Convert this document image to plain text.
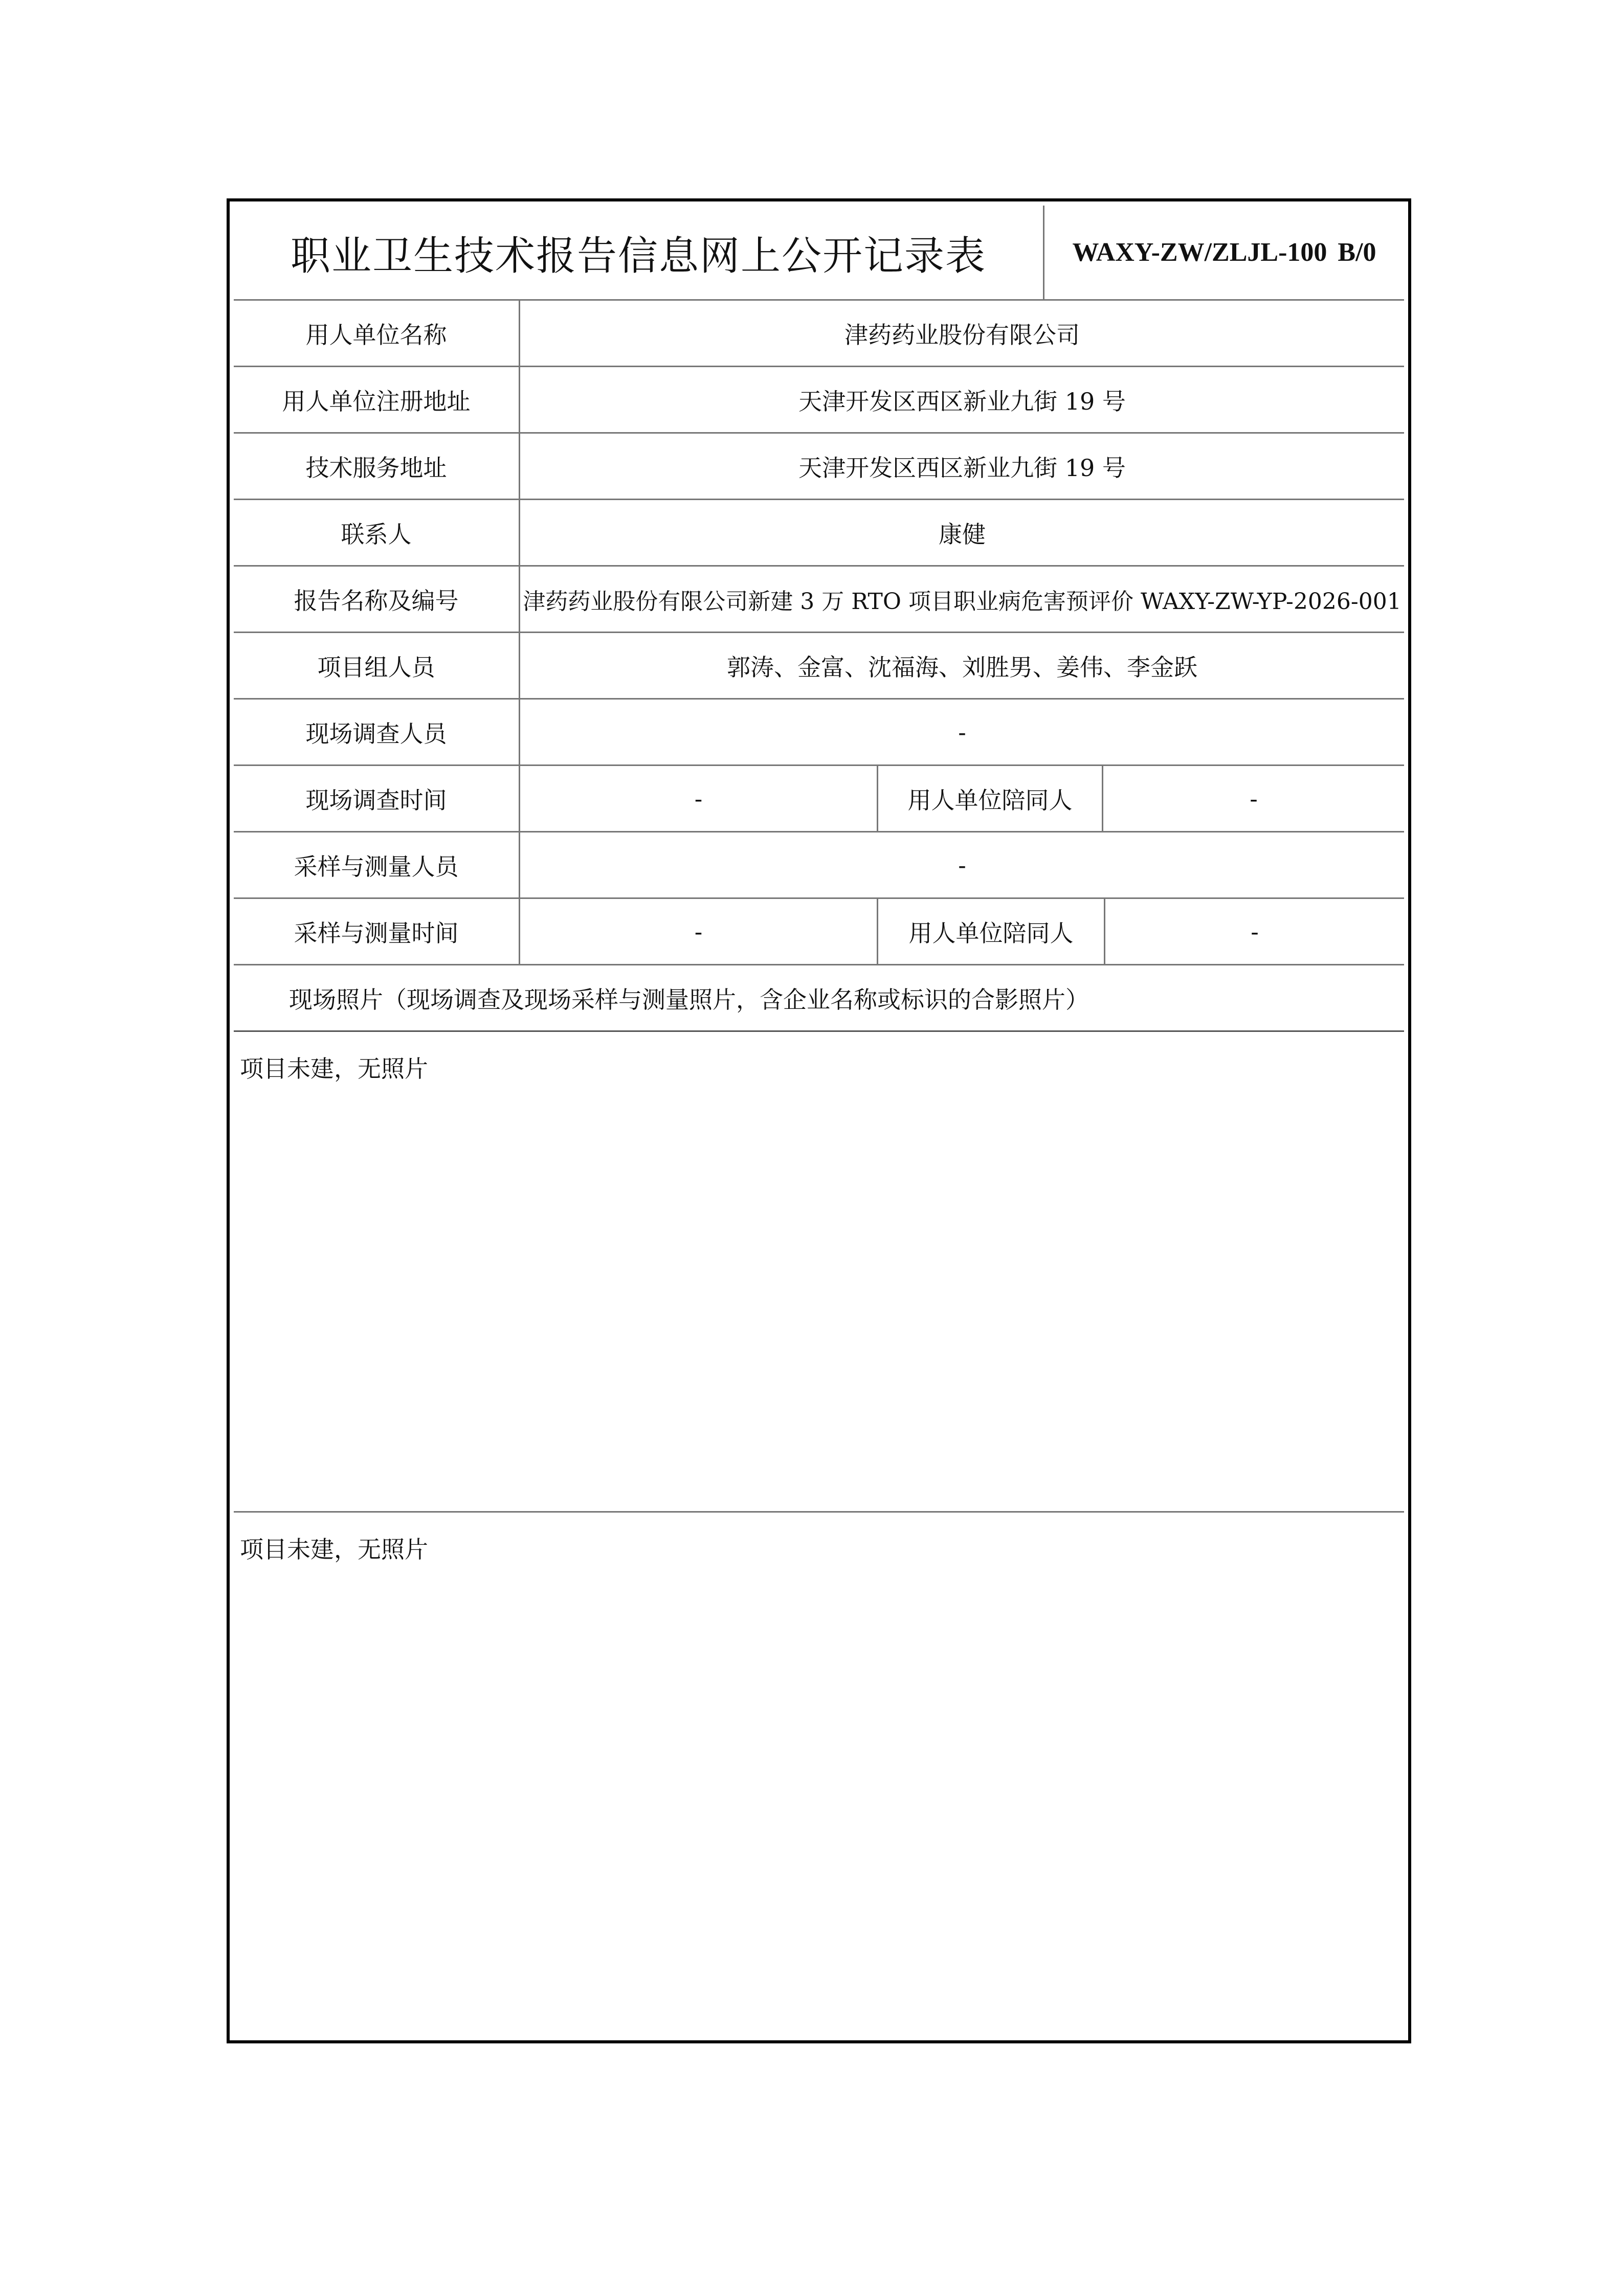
职业卫生技术报告信息网上公开记录表	WAXY-ZW/ZLJL-100 B/0
用人单位名称	津药药业股份有限公司
用人单位注册地址	天津开发区西区新业九街 19 号
技术服务地址	天津开发区西区新业九街 19 号
联系人	康健
报告名称及编号	津药药业股份有限公司新建 3 万 RTO 项目职业病危害预评价 WAXY-ZW-YP-2026-001
项目组人员	郭涛、金富、沈福海、刘胜男、姜伟、李金跃
现场调查人员	-
现场调查时间	-	用人单位陪同人	-
采样与测量人员	-
采样与测量时间	-	用人单位陪同人	-
现场照片（现场调查及现场采样与测量照片，含企业名称或标识的合影照片）
项目未建，无照片
项目未建，无照片
